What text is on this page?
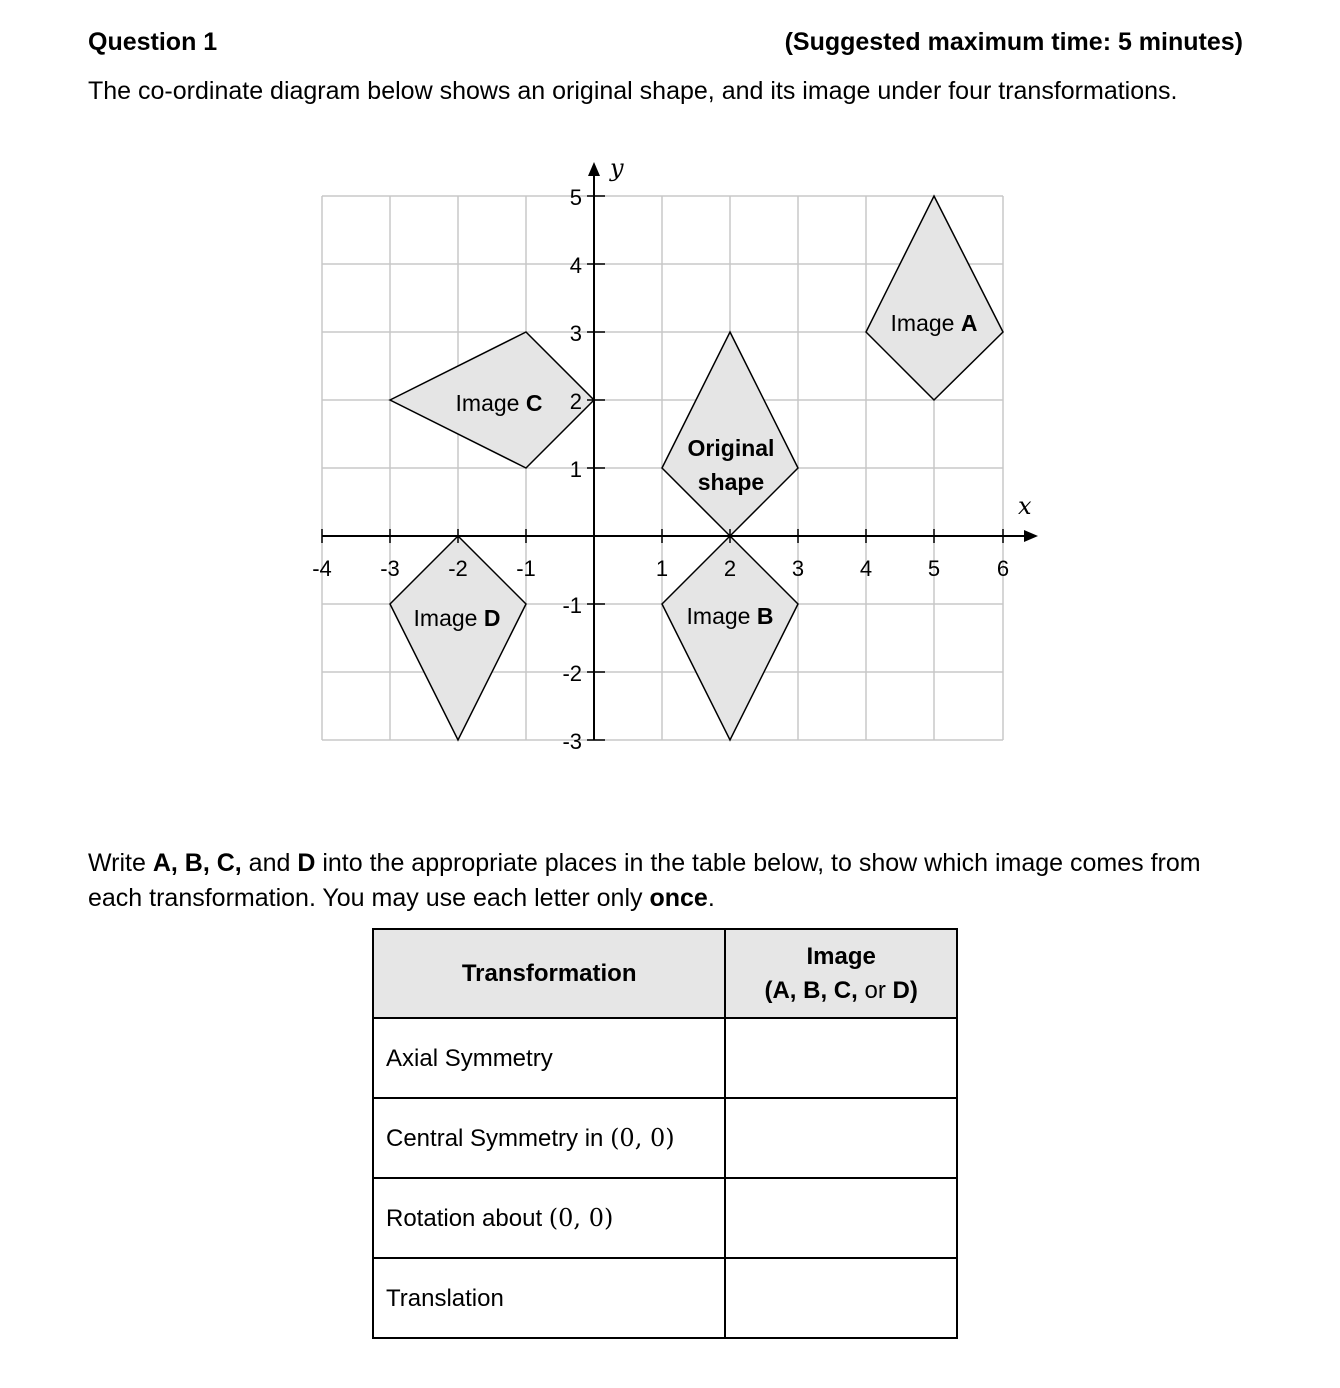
Question 1	(Suggested maximum time: 5 minutes)
The co-ordinate diagram below shows an original shape, and its image under four transformations.
x
y
-4 -3 -2 -1	1	2	3	4	5	6
5
4
3
2
1
-1
-2
-3
Original
shape
Image A
Image B
Image C
Image D
Write A, B, C, and D into the appropriate places in the table below, to show which image comes from each transformation. You may use each letter only once.
Transformation	Image
(A, B, C, or D)
Axial Symmetry	
Central Symmetry in (0, 0)	
Rotation about (0, 0)	
Translation	
